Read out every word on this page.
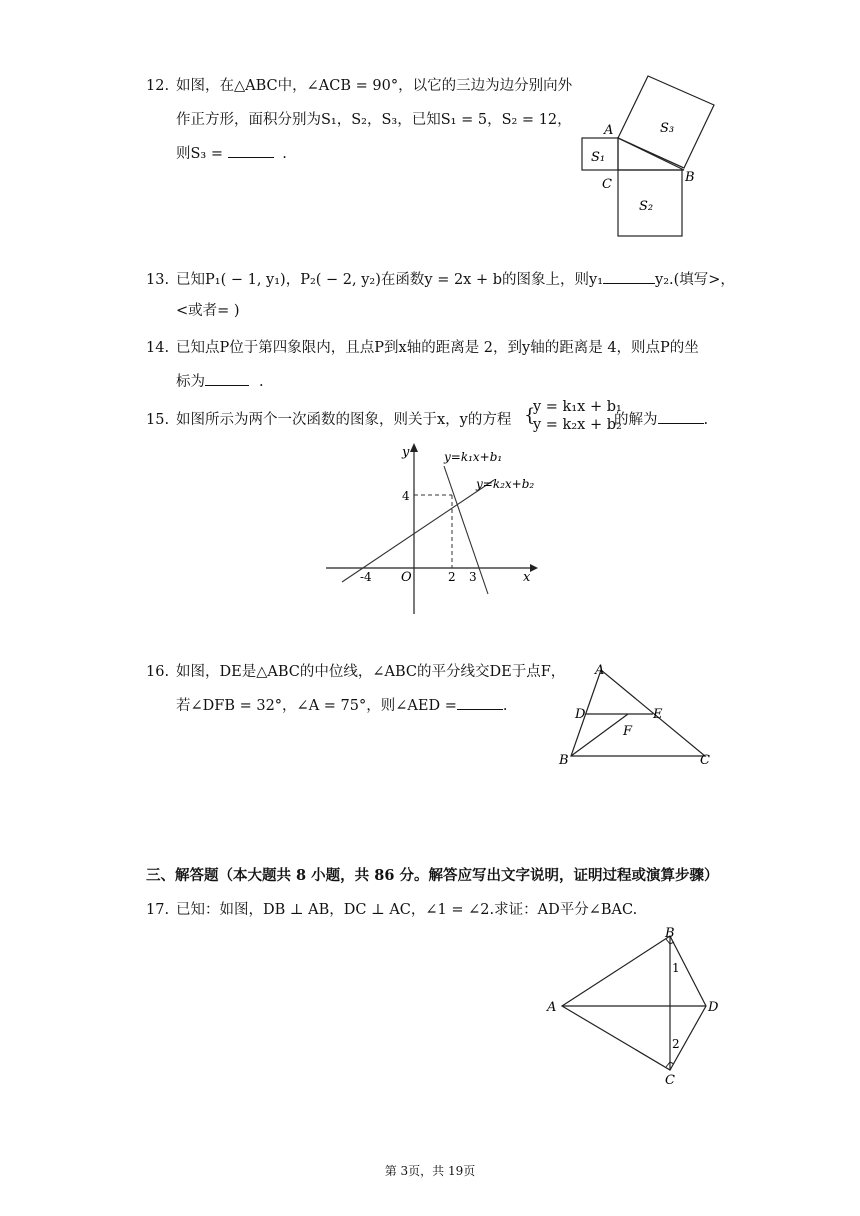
12. 如图，在△ABC中，∠ACB = 90°，以它的三边为边分别向外
作正方形，面积分别为S₁，S₂，S₃，已知S₁ = 5，S₂ = 12，
则S₃ =	.
A
B
C
S₁
S₂
S₃
13. 已知P₁( − 1, y₁)，P₂( − 2, y₂)在函数y = 2x + b的图象上，则y₁	y₂.(填写>，
<或者= )
14. 已知点P位于第四象限内，且点P到x轴的距离是 2，到y轴的距离是 4，则点P的坐
标为	.
15. 如图所示为两个一次函数的图象，则关于x，y的方程 {
y = k₁x + b₁
y = k₂x + b₂
的解为	.
y
x
O
4
-4	2 3
y=k₁x+b₁
y=k₂x+b₂
16. 如图，DE是△ABC的中位线，∠ABC的平分线交DE于点F，
若∠DFB = 32°，∠A = 75°，则∠AED =	.
A
B	C
D	E
F
三、解答题（本大题共 8 小题，共 86 分。解答应写出文字说明，证明过程或演算步骤）
17. 已知：如图，DB ⊥ AB，DC ⊥ AC，∠1 = ∠2.求证：AD平分∠BAC.
B
C
A	D
1
2
第 3页，共 19页
